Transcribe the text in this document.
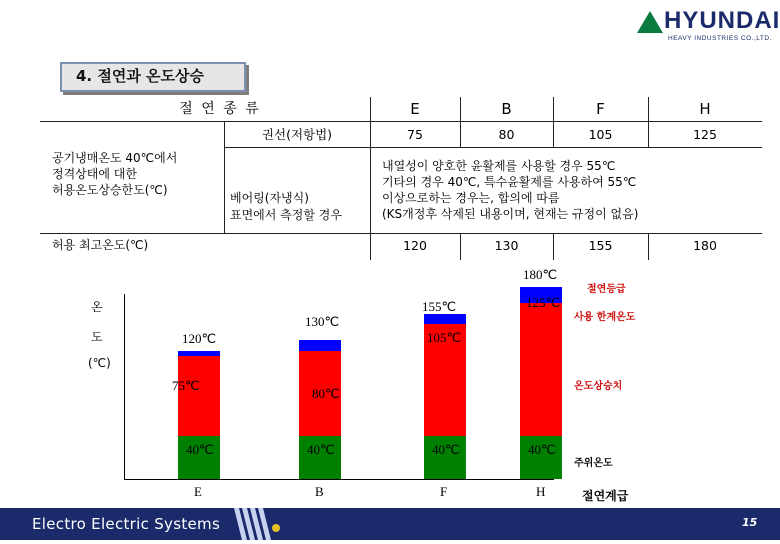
HYUNDAI
HEAVY INDUSTRIES CO.,LTD.
4. 절연과 온도상승
절 연 종 류	E	B	F	H
권선(저항법)	75	80	105	125
공기냉매온도 40℃에서
정격상태에 대한
허용온도상승한도(℃)
베어링(자냉식)
표면에서 측정할 경우
내열성이 양호한 윤활제를 사용할 경우 55℃
기타의 경우 40℃, 특수윤활제를 사용하여 55℃
이상으로하는 경우는, 합의에 따름
(KS개정후 삭제된 내용이며, 현재는 규정이 없음)
허용 최고온도(℃)	120	130	155	180
온
도
(℃)
절연계급
절연등급
사용 한계온도
온도상승치
주위온도
E
40℃
75℃
120℃
B
40℃
80℃
130℃
F
40℃
105℃
155℃
H
40℃
125℃
180℃
Electro Electric Systems	15
